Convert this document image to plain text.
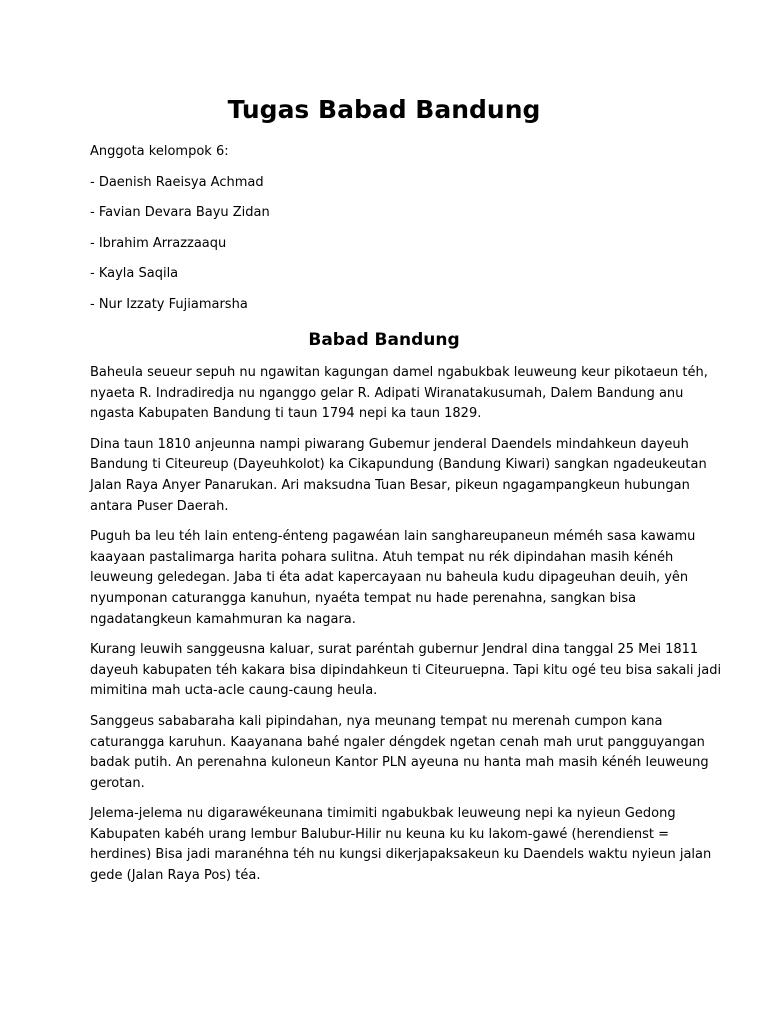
Tugas Babad Bandung

Anggota kelompok 6:

- Daenish Raeisya Achmad

- Favian Devara Bayu Zidan

- Ibrahim Arrazzaaqu

- Kayla Saqila

- Nur Izzaty Fujiamarsha

Babad Bandung

Baheula seueur sepuh nu ngawitan kagungan damel ngabukbak leuweung keur pikotaeun téh,
nyaeta R. Indradiredja nu nganggo gelar R. Adipati Wiranatakusumah, Dalem Bandung anu
ngasta Kabupaten Bandung ti taun 1794 nepi ka taun 1829.

Dina taun 1810 anjeunna nampi piwarang Gubemur jenderal Daendels mindahkeun dayeuh
Bandung ti Citeureup (Dayeuhkolot) ka Cikapundung (Bandung Kiwari) sangkan ngadeukeutan
Jalan Raya Anyer Panarukan. Ari maksudna Tuan Besar, pikeun ngagampangkeun hubungan
antara Puser Daerah.

Puguh ba leu téh lain enteng-énteng pagawéan lain sanghareupaneun méméh sasa kawamu
kaayaan pastalimarga harita pohara sulitna. Atuh tempat nu rék dipindahan masih kénéh
leuweung geledegan. Jaba ti éta adat kapercayaan nu baheula kudu dipageuhan deuih, yên
nyumponan caturangga kanuhun, nyaéta tempat nu hade perenahna, sangkan bisa
ngadatangkeun kamahmuran ka nagara.

Kurang leuwih sanggeusna kaluar, surat paréntah gubernur Jendral dina tanggal 25 Mei 1811
dayeuh kabupaten téh kakara bisa dipindahkeun ti Citeuruepna. Tapi kitu ogé teu bisa sakali jadi
mimitina mah ucta-acle caung-caung heula.

Sanggeus sababaraha kali pipindahan, nya meunang tempat nu merenah cumpon kana
caturangga karuhun. Kaayanana bahé ngaler déngdek ngetan cenah mah urut pangguyangan
badak putih. An perenahna kuloneun Kantor PLN ayeuna nu hanta mah masih kénéh leuweung
gerotan.

Jelema-jelema nu digarawékeunana timimiti ngabukbak leuweung nepi ka nyieun Gedong
Kabupaten kabéh urang lembur Balubur-Hilir nu keuna ku ku lakom-gawé (herendienst =
herdines) Bisa jadi maranéhna téh nu kungsi dikerjapaksakeun ku Daendels waktu nyieun jalan
gede (Jalan Raya Pos) téa.
